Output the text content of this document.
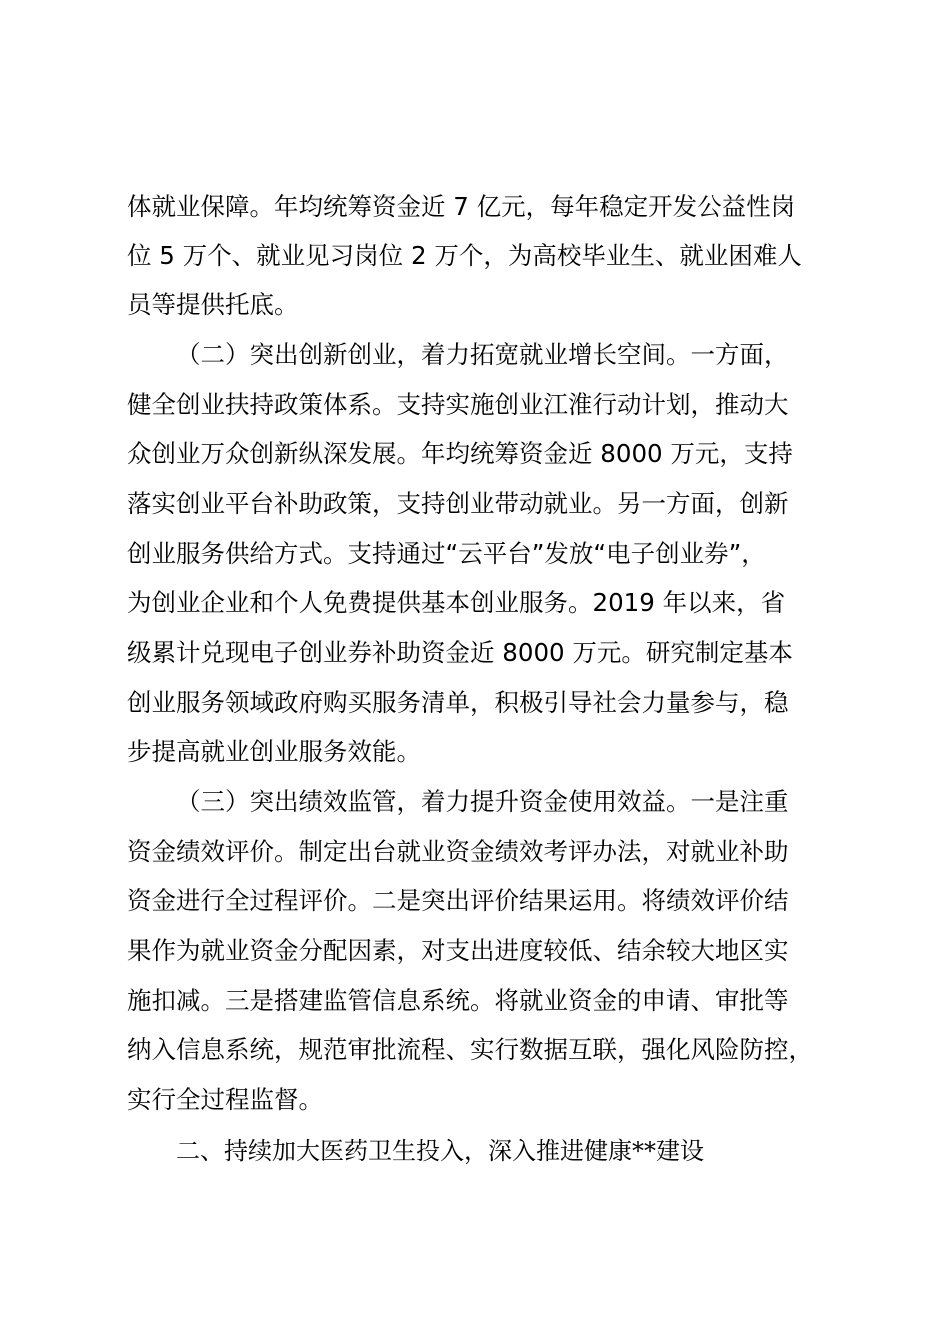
体就业保障。年均统筹资金近 7 亿元，每年稳定开发公益性岗
位 5 万个、就业见习岗位 2 万个，为高校毕业生、就业困难人
员等提供托底。
（二）突出创新创业，着力拓宽就业增长空间。一方面，
健全创业扶持政策体系。支持实施创业江淮行动计划，推动大
众创业万众创新纵深发展。年均统筹资金近 8000 万元，支持
落实创业平台补助政策，支持创业带动就业。另一方面，创新
创业服务供给方式。支持通过“云平台”发放“电子创业券”，
为创业企业和个人免费提供基本创业服务。2019 年以来，省
级累计兑现电子创业券补助资金近 8000 万元。研究制定基本
创业服务领域政府购买服务清单，积极引导社会力量参与，稳
步提高就业创业服务效能。
（三）突出绩效监管，着力提升资金使用效益。一是注重
资金绩效评价。制定出台就业资金绩效考评办法，对就业补助
资金进行全过程评价。二是突出评价结果运用。将绩效评价结
果作为就业资金分配因素，对支出进度较低、结余较大地区实
施扣减。三是搭建监管信息系统。将就业资金的申请、审批等
纳入信息系统，规范审批流程、实行数据互联，强化风险防控，
实行全过程监督。
二、持续加大医药卫生投入，深入推进健康**建设
